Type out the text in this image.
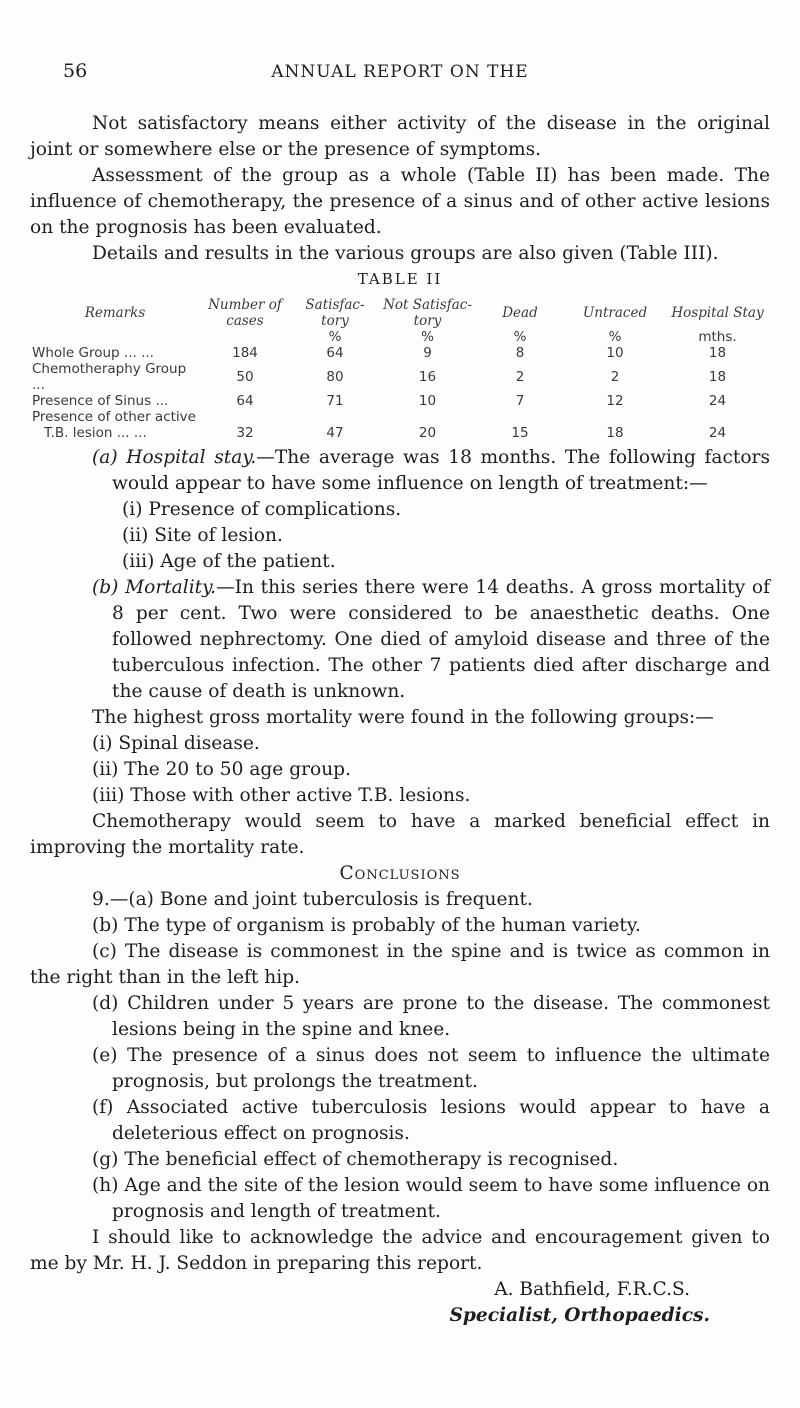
56	ANNUAL REPORT ON THE

Not satisfactory means either activity of the disease in the original joint or somewhere else or the presence of symptoms.

Assessment of the group as a whole (Table II) has been made. The influence of chemotherapy, the presence of a sinus and of other active lesions on the prognosis has been evaluated.

Details and results in the various groups are also given (Table III).

TABLE II

Remarks	Number of cases	Satisfac- tory	Not Satisfac- tory	Dead	Untraced	Hospital Stay
		%	%	%	%	mths.
Whole Group ... ...	184	64	9	8	10	18
Chemotheraphy Group ...	50	80	16	2	2	18
Presence of Sinus ...	64	71	10	7	12	24
Presence of other active						
T.B. lesion ... ...	32	47	20	15	18	24

(a) Hospital stay.—The average was 18 months. The following factors would appear to have some influence on length of treatment:—

(i) Presence of complications.

(ii) Site of lesion.

(iii) Age of the patient.

(b) Mortality.—In this series there were 14 deaths. A gross mortality of 8 per cent. Two were considered to be anaesthetic deaths. One followed nephrectomy. One died of amyloid disease and three of the tuberculous infection. The other 7 patients died after discharge and the cause of death is unknown.

The highest gross mortality were found in the following groups:—

(i) Spinal disease.

(ii) The 20 to 50 age group.

(iii) Those with other active T.B. lesions.

Chemotherapy would seem to have a marked beneficial effect in improving the mortality rate.

Conclusions

9.—(a) Bone and joint tuberculosis is frequent.

(b) The type of organism is probably of the human variety.

(c) The disease is commonest in the spine and is twice as common in the right than in the left hip.

(d) Children under 5 years are prone to the disease. The commonest lesions being in the spine and knee.

(e) The presence of a sinus does not seem to influence the ultimate prognosis, but prolongs the treatment.

(f) Associated active tuberculosis lesions would appear to have a deleterious effect on prognosis.

(g) The beneficial effect of chemotherapy is recognised.

(h) Age and the site of the lesion would seem to have some influence on prognosis and length of treatment.

I should like to acknowledge the advice and encouragement given to me by Mr. H. J. Seddon in preparing this report.

A. Bathfield, F.R.C.S.

Specialist, Orthopaedics.
